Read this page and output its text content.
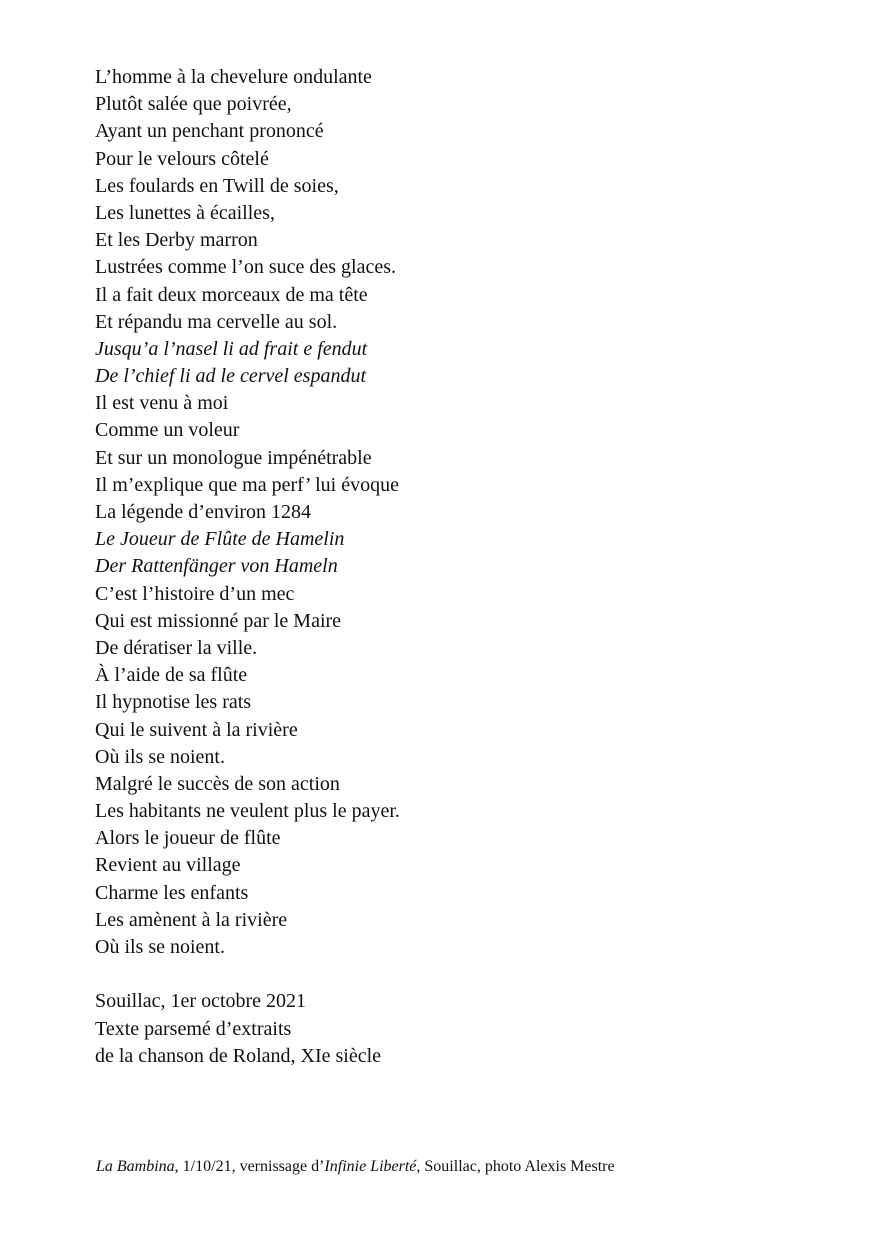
L’homme à la chevelure ondulante
Plutôt salée que poivrée,
Ayant un penchant prononcé
Pour le velours côtelé
Les foulards en Twill de soies,
Les lunettes à écailles,
Et les Derby marron
Lustrées comme l’on suce des glaces.
Il a fait deux morceaux de ma tête
Et répandu ma cervelle au sol.
Jusqu’a l’nasel li ad frait e fendut
De l’chief li ad le cervel espandut
Il est venu à moi
Comme un voleur
Et sur un monologue impénétrable
Il m’explique que ma perf’ lui évoque
La légende d’environ 1284
Le Joueur de Flûte de Hamelin
Der Rattenfänger von Hameln
C’est l’histoire d’un mec
Qui est missionné par le Maire
De dératiser la ville.
À l’aide de sa flûte
Il hypnotise les rats
Qui le suivent à la rivière
Où ils se noient.
Malgré le succès de son action
Les habitants ne veulent plus le payer.
Alors le joueur de flûte
Revient au village
Charme les enfants
Les amènent à la rivière
Où ils se noient.
Souillac, 1er octobre 2021
Texte parsemé d’extraits
de la chanson de Roland, XIe siècle
La Bambina, 1/10/21, vernissage d’Infinie Liberté, Souillac, photo Alexis Mestre
